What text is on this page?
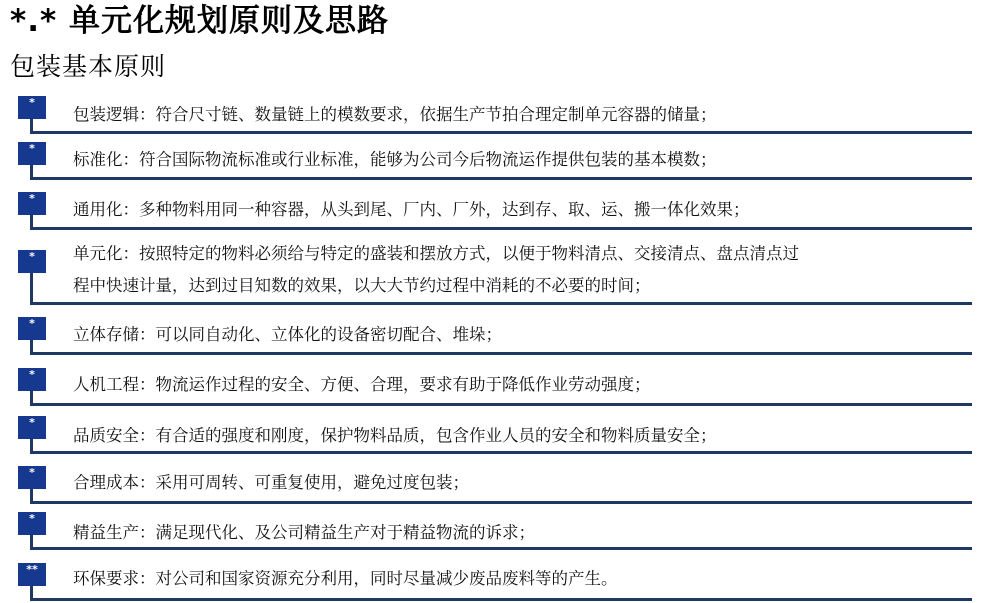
*.* 单元化规划原则及思路
包装基本原则
*
包装逻辑：符合尺寸链、数量链上的模数要求，依据生产节拍合理定制单元容器的储量；
*
标准化：符合国际物流标准或行业标准，能够为公司今后物流运作提供包装的基本模数；
*
通用化：多种物料用同一种容器，从头到尾、厂内、厂外，达到存、取、运、搬一体化效果；
*	单元化：按照特定的物料必须给与特定的盛装和摆放方式，以便于物料清点、交接清点、盘点清点过
程中快速计量，达到过目知数的效果，以大大节约过程中消耗的不必要的时间；
*
立体存储：可以同自动化、立体化的设备密切配合、堆垛；
*
人机工程：物流运作过程的安全、方便、合理，要求有助于降低作业劳动强度；
*
品质安全：有合适的强度和刚度，保护物料品质，包含作业人员的安全和物料质量安全；
*
合理成本：采用可周转、可重复使用，避免过度包装；
*
精益生产：满足现代化、及公司精益生产对于精益物流的诉求；
**	环保要求：对公司和国家资源充分利用，同时尽量减少废品废料等的产生。
